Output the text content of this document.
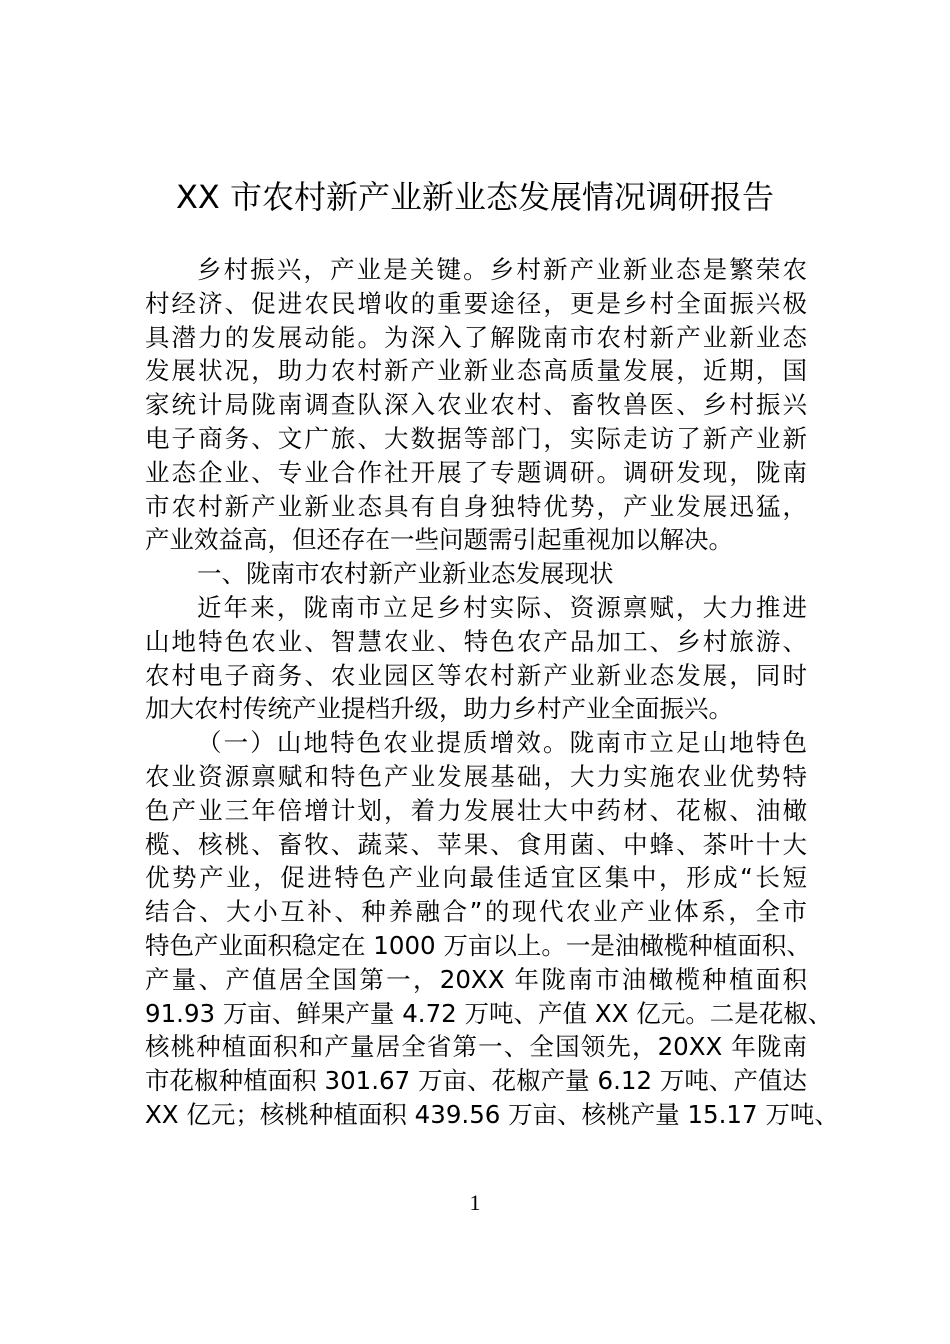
XX 市农村新产业新业态发展情况调研报告
乡村振兴，产业是关键。乡村新产业新业态是繁荣农
村经济、促进农民增收的重要途径，更是乡村全面振兴极
具潜力的发展动能。为深入了解陇南市农村新产业新业态
发展状况，助力农村新产业新业态高质量发展，近期，国
家统计局陇南调查队深入农业农村、畜牧兽医、乡村振兴
电子商务、文广旅、大数据等部门，实际走访了新产业新
业态企业、专业合作社开展了专题调研。调研发现，陇南
市农村新产业新业态具有自身独特优势，产业发展迅猛，
产业效益高，但还存在一些问题需引起重视加以解决。
一、陇南市农村新产业新业态发展现状
近年来，陇南市立足乡村实际、资源禀赋，大力推进
山地特色农业、智慧农业、特色农产品加工、乡村旅游、
农村电子商务、农业园区等农村新产业新业态发展，同时
加大农村传统产业提档升级，助力乡村产业全面振兴。
（一）山地特色农业提质增效。陇南市立足山地特色
农业资源禀赋和特色产业发展基础，大力实施农业优势特
色产业三年倍增计划，着力发展壮大中药材、花椒、油橄
榄、核桃、畜牧、蔬菜、苹果、食用菌、中蜂、茶叶十大
优势产业，促进特色产业向最佳适宜区集中，形成“长短
结合、大小互补、种养融合”的现代农业产业体系，全市
特色产业面积稳定在 1000 万亩以上。一是油橄榄种植面积、
产量、产值居全国第一，20XX 年陇南市油橄榄种植面积
91.93 万亩、鲜果产量 4.72 万吨、产值 XX 亿元。二是花椒、
核桃种植面积和产量居全省第一、全国领先，20XX 年陇南
市花椒种植面积 301.67 万亩、花椒产量 6.12 万吨、产值达
XX 亿元；核桃种植面积 439.56 万亩、核桃产量 15.17 万吨、
1
